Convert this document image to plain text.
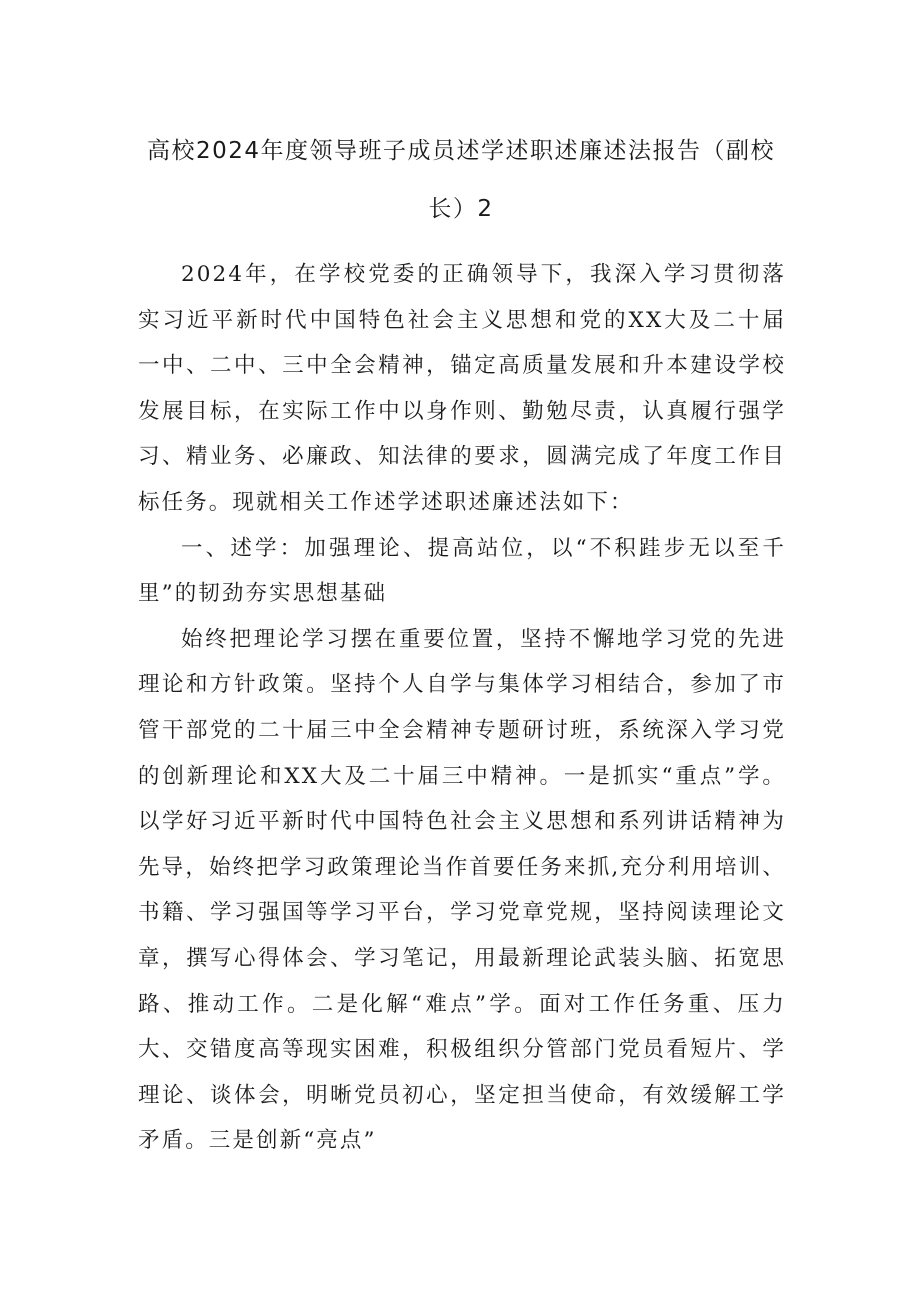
高校2024年度领导班子成员述学述职述廉述法报告（副校
长）2

2024年，在学校党委的正确领导下，我深入学习贯彻落实习近平新时代中国特色社会主义思想和党的XX大及二十届一中、二中、三中全会精神，锚定高质量发展和升本建设学校发展目标，在实际工作中以身作则、勤勉尽责，认真履行强学习、精业务、必廉政、知法律的要求，圆满完成了年度工作目标任务。现就相关工作述学述职述廉述法如下：

一、述学：加强理论、提高站位，以“不积跬步无以至千里”的韧劲夯实思想基础

始终把理论学习摆在重要位置，坚持不懈地学习党的先进理论和方针政策。坚持个人自学与集体学习相结合，参加了市管干部党的二十届三中全会精神专题研讨班，系统深入学习党的创新理论和XX大及二十届三中精神。一是抓实“重点”学。以学好习近平新时代中国特色社会主义思想和系列讲话精神为先导，始终把学习政策理论当作首要任务来抓,充分利用培训、书籍、学习强国等学习平台，学习党章党规，坚持阅读理论文章，撰写心得体会、学习笔记，用最新理论武装头脑、拓宽思路、推动工作。二是化解“难点”学。面对工作任务重、压力大、交错度高等现实困难，积极组织分管部门党员看短片、学理论、谈体会，明晰党员初心，坚定担当使命，有效缓解工学矛盾。三是创新“亮点”
